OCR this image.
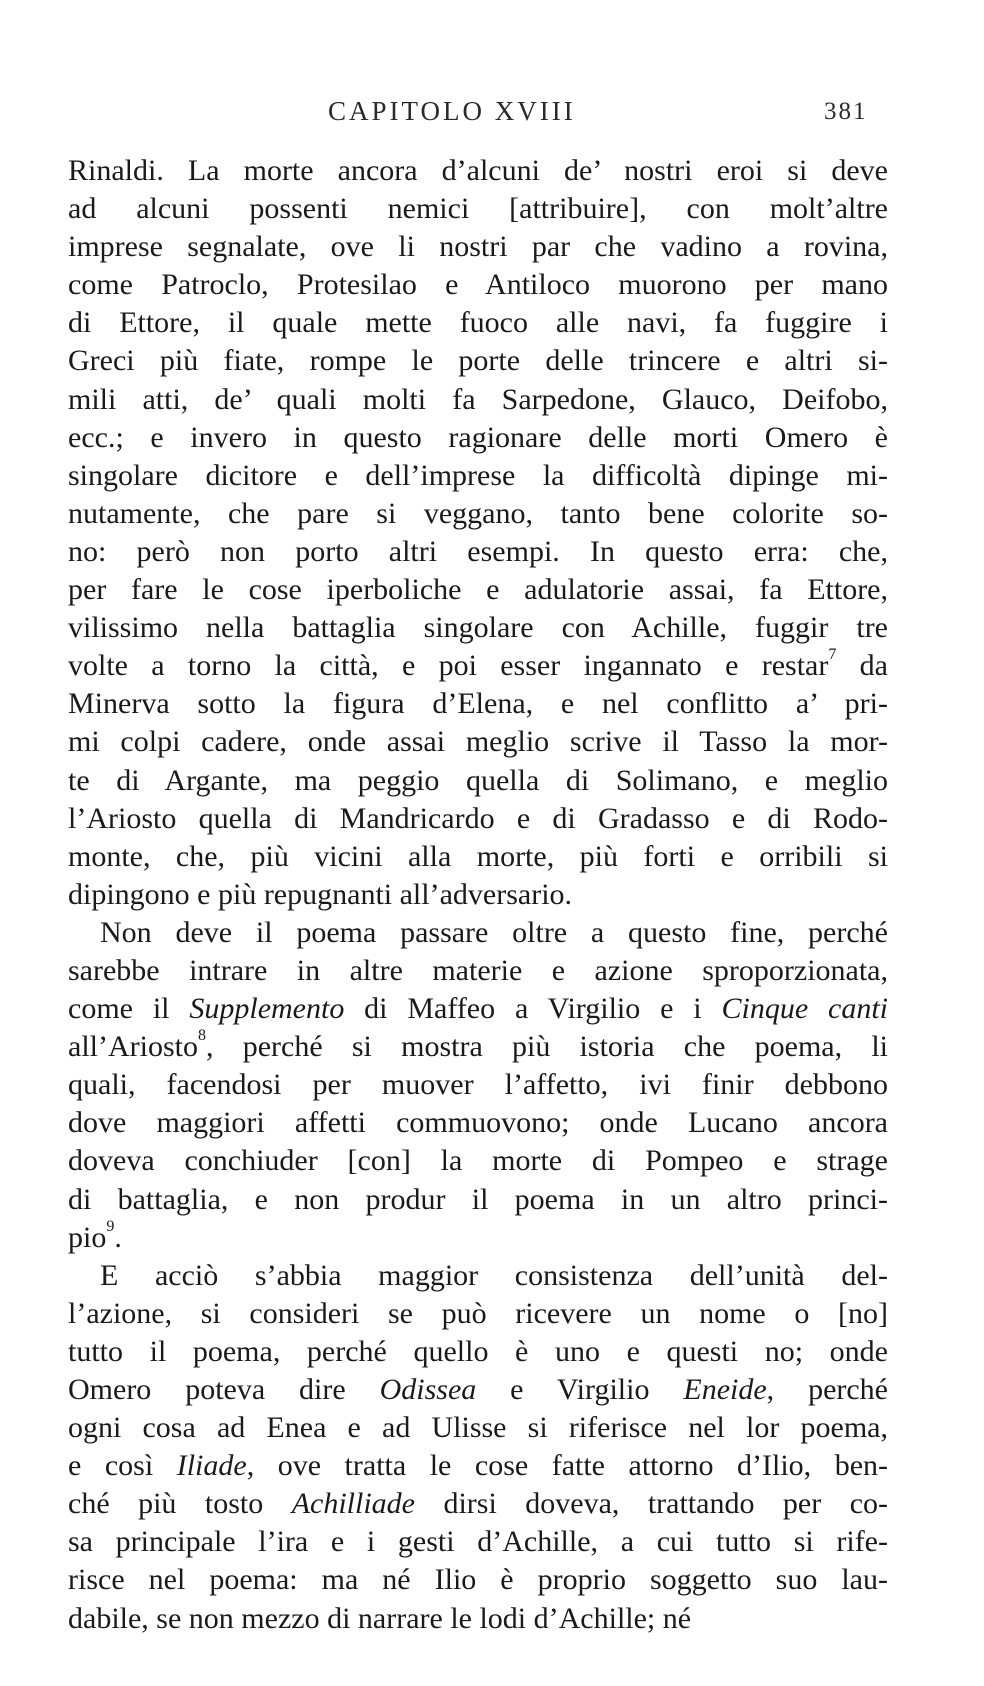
CAPITOLO XVIII	381
Rinaldi. La morte ancora d’alcuni de’ nostri eroi si deve
ad alcuni possenti nemici [attribuire], con molt’altre
imprese segnalate, ove li nostri par che vadino a rovina,
come Patroclo, Protesilao e Antiloco muorono per mano
di Ettore, il quale mette fuoco alle navi, fa fuggire i
Greci più fiate, rompe le porte delle trincere e altri si-
mili atti, de’ quali molti fa Sarpedone, Glauco, Deifobo,
ecc.; e invero in questo ragionare delle morti Omero è
singolare dicitore e dell’imprese la difficoltà dipinge mi-
nutamente, che pare si veggano, tanto bene colorite so-
no: però non porto altri esempi. In questo erra: che,
per fare le cose iperboliche e adulatorie assai, fa Ettore,
vilissimo nella battaglia singolare con Achille, fuggir tre
volte a torno la città, e poi esser ingannato e restar$^7$ da
Minerva sotto la figura d’Elena, e nel conflitto a’ pri-
mi colpi cadere, onde assai meglio scrive il Tasso la mor-
te di Argante, ma peggio quella di Solimano, e meglio
l’Ariosto quella di Mandricardo e di Gradasso e di Rodo-
monte, che, più vicini alla morte, più forti e orribili si
dipingono e più repugnanti all’adversario.
Non deve il poema passare oltre a questo fine, perché
sarebbe intrare in altre materie e azione sproporzionata,
come il Supplemento di Maffeo a Virgilio e i Cinque canti
all’Ariosto$^8$, perché si mostra più istoria che poema, li
quali, facendosi per muover l’affetto, ivi finir debbono
dove maggiori affetti commuovono; onde Lucano ancora
doveva conchiuder [con] la morte di Pompeo e strage
di battaglia, e non produr il poema in un altro princi-
pio$^9$.
E acciò s’abbia maggior consistenza dell’unità del-
l’azione, si consideri se può ricevere un nome o [no]
tutto il poema, perché quello è uno e questi no; onde
Omero poteva dire Odissea e Virgilio Eneide, perché
ogni cosa ad Enea e ad Ulisse si riferisce nel lor poema,
e così Iliade, ove tratta le cose fatte attorno d’Ilio, ben-
ché più tosto Achilliade dirsi doveva, trattando per co-
sa principale l’ira e i gesti d’Achille, a cui tutto si rife-
risce nel poema: ma né Ilio è proprio soggetto suo lau-
dabile, se non mezzo di narrare le lodi d’Achille; né
